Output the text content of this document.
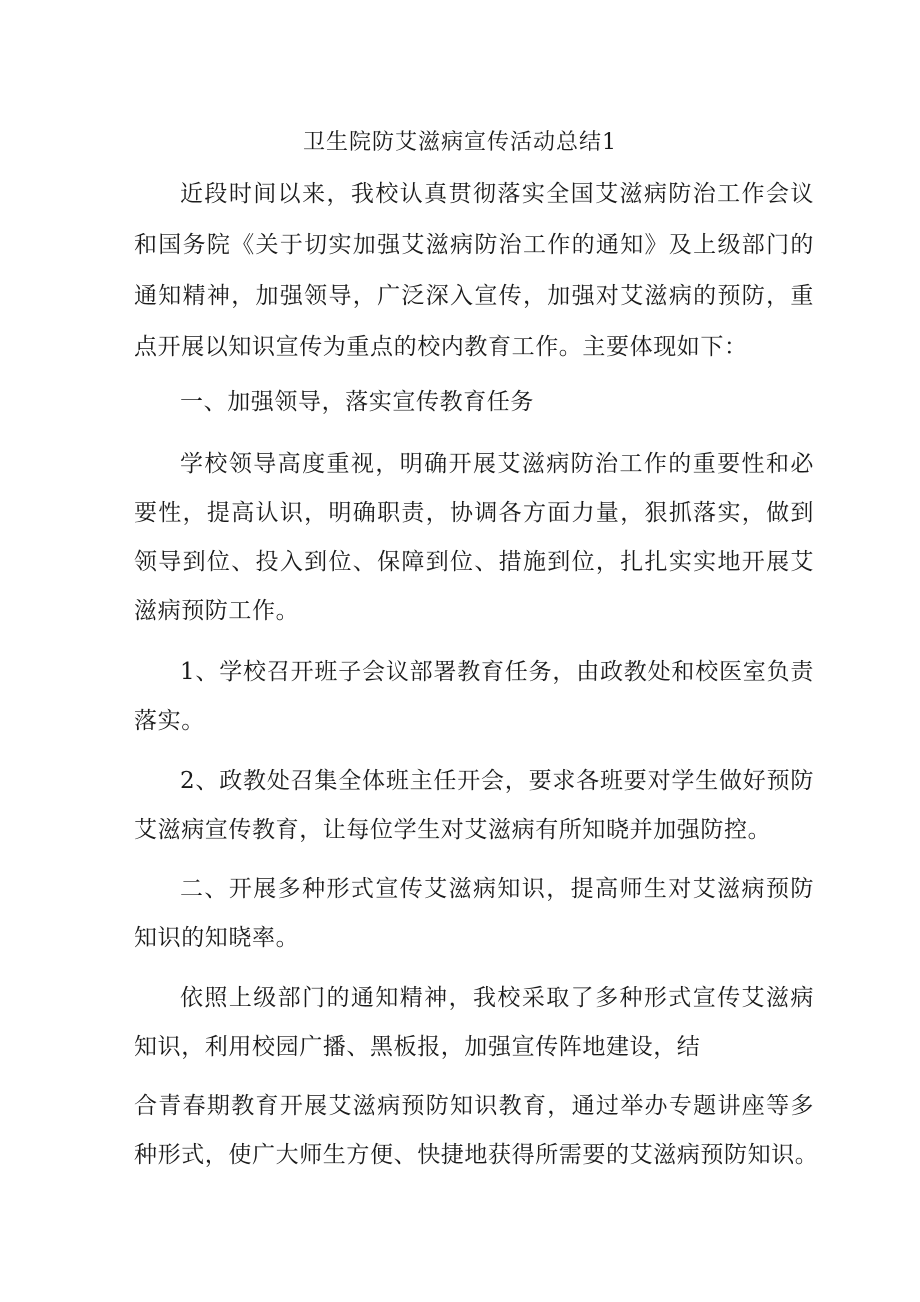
卫生院防艾滋病宣传活动总结1
近段时间以来，我校认真贯彻落实全国艾滋病防治工作会议
和国务院《关于切实加强艾滋病防治工作的通知》及上级部门的
通知精神，加强领导，广泛深入宣传，加强对艾滋病的预防，重
点开展以知识宣传为重点的校内教育工作。主要体现如下：
一、加强领导，落实宣传教育任务
学校领导高度重视，明确开展艾滋病防治工作的重要性和必
要性，提高认识，明确职责，协调各方面力量，狠抓落实，做到
领导到位、投入到位、保障到位、措施到位，扎扎实实地开展艾
滋病预防工作。
1、学校召开班子会议部署教育任务，由政教处和校医室负责
落实。
2、政教处召集全体班主任开会，要求各班要对学生做好预防
艾滋病宣传教育，让每位学生对艾滋病有所知晓并加强防控。
二、开展多种形式宣传艾滋病知识，提高师生对艾滋病预防
知识的知晓率。
依照上级部门的通知精神，我校采取了多种形式宣传艾滋病
知识，利用校园广播、黑板报，加强宣传阵地建设，结
合青春期教育开展艾滋病预防知识教育，通过举办专题讲座等多
种形式，使广大师生方便、快捷地获得所需要的艾滋病预防知识。
